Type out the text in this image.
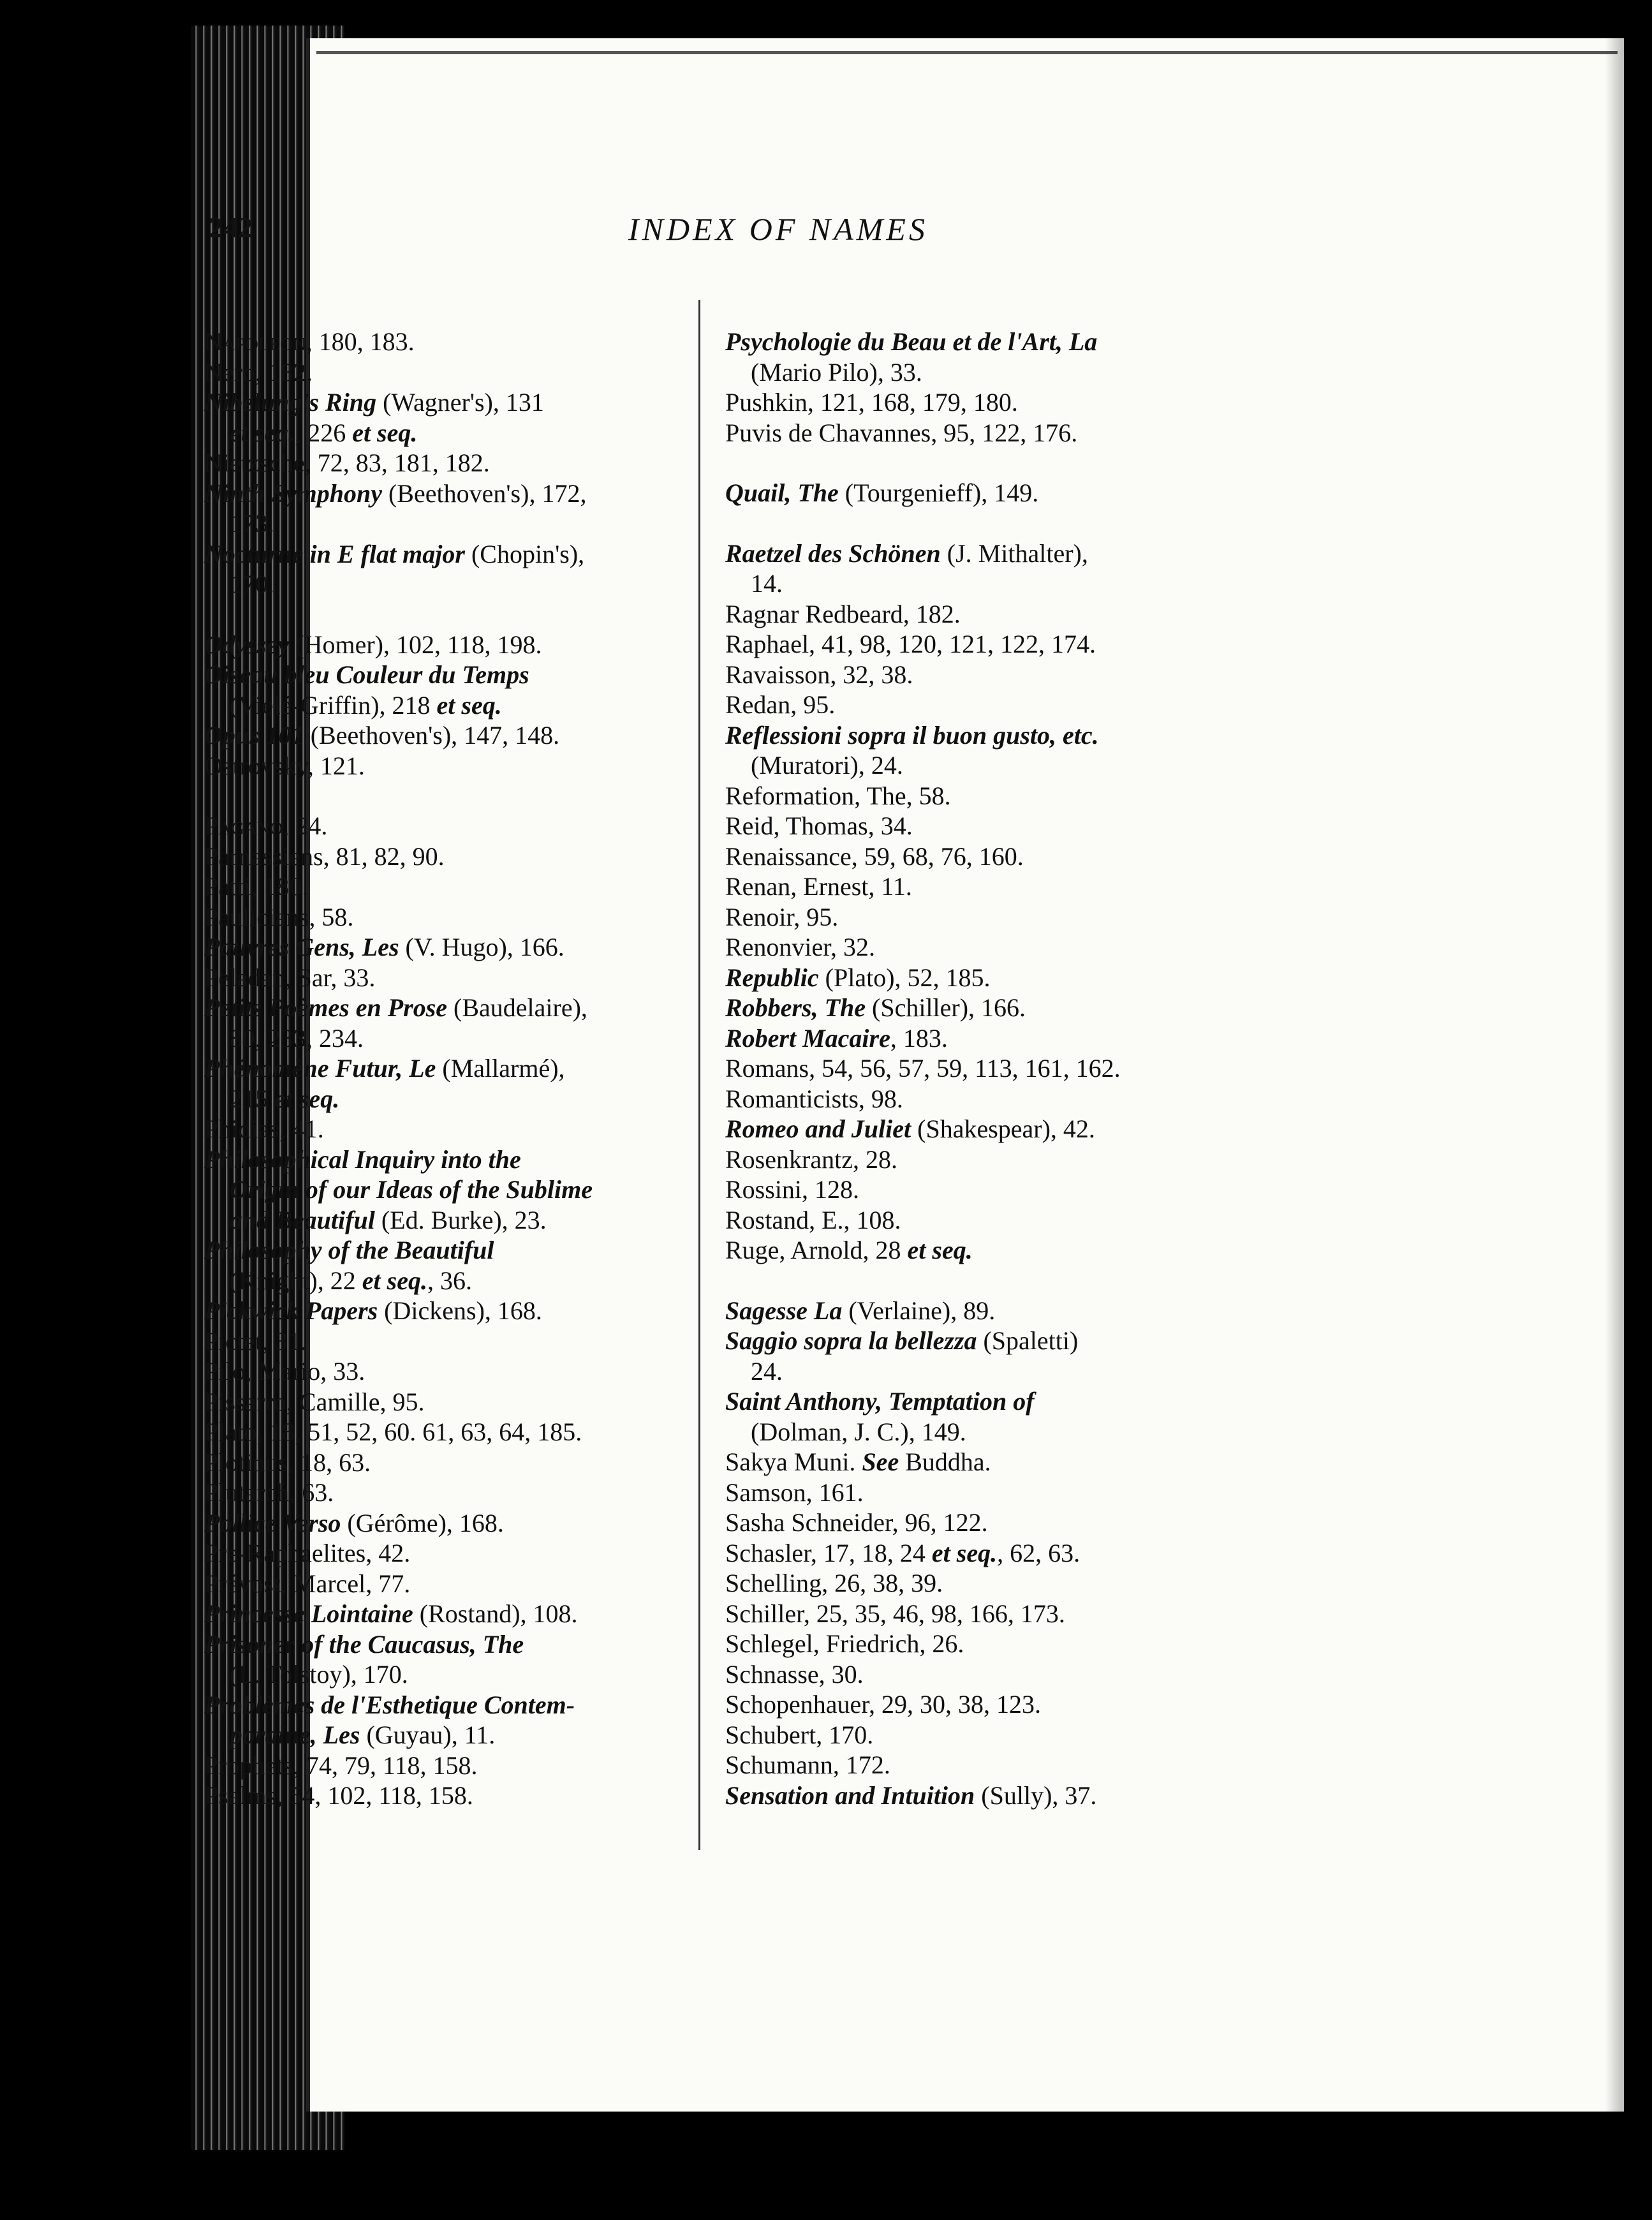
242	INDEX OF NAMES
Napoleon, 180, 183.
Nero, 182.
Nibelung's Ring (Wagner's), 131
et seq., 226 et seq.
Nietzsche, 72, 83, 181, 182.
Ninth Symphony (Beethoven's), 172,
173.
Nocturne in E flat major (Chopin's),
170.
Odyssey (Homer), 102, 118, 198.
Oiseau bleu Couleur du Temps
(Vielé-Griffin), 218 et seq.
Opus 101 (Beethoven's), 147, 148.
Ostrovsky, 121.
Pagano, 24.
Parnassiens, 81, 82, 90.
Patti, 180.
Paulicians, 58.
Pauvres Gens, Les (V. Hugo), 166.
Peladan, Sar, 33.
Petits Poèmes en Prose (Baudelaire),
80, 233, 234.
Phénomène Futur, Le (Mallarmé),
215 et seq.
Phidias, 41.
Philosophical Inquiry into the
Origin of our Ideas of the Sublime
and Beautiful (Ed. Burke), 23.
Philosophy of the Beautiful
(Knight), 22 et seq., 36.
Pickwick Papers (Dickens), 168.
Pictet, 31.
Pilo, Mario, 33.
Pissarro, Camille, 95.
Plato, 18, 51, 52, 60. 61, 63, 64, 185.
Plotinus, 18, 63.
Plutarch, 63.
Pollice Verso (Gérôme), 168.
Pre-Raphaelites, 42.
Prévost, Marcel, 77.
Princesse Lointaine (Rostand), 108.
Prisoner of the Caucasus, The
(L. Tolstoy), 170.
Problèmes de l'Esthetique Contem-
poraine, Les (Guyau), 11.
Prophets, 74, 79, 118, 158.
Psalms, 54, 102, 118, 158.
Psychologie du Beau et de l'Art, La
(Mario Pilo), 33.
Pushkin, 121, 168, 179, 180.
Puvis de Chavannes, 95, 122, 176.
Quail, The (Tourgenieff), 149.
Raetzel des Schönen (J. Mithalter),
14.
Ragnar Redbeard, 182.
Raphael, 41, 98, 120, 121, 122, 174.
Ravaisson, 32, 38.
Redan, 95.
Reflessioni sopra il buon gusto, etc.
(Muratori), 24.
Reformation, The, 58.
Reid, Thomas, 34.
Renaissance, 59, 68, 76, 160.
Renan, Ernest, 11.
Renoir, 95.
Renonvier, 32.
Republic (Plato), 52, 185.
Robbers, The (Schiller), 166.
Robert Macaire, 183.
Romans, 54, 56, 57, 59, 113, 161, 162.
Romanticists, 98.
Romeo and Juliet (Shakespear), 42.
Rosenkrantz, 28.
Rossini, 128.
Rostand, E., 108.
Ruge, Arnold, 28 et seq.
Sagesse La (Verlaine), 89.
Saggio sopra la bellezza (Spaletti)
24.
Saint Anthony, Temptation of
(Dolman, J. C.), 149.
Sakya Muni. See Buddha.
Samson, 161.
Sasha Schneider, 96, 122.
Schasler, 17, 18, 24 et seq., 62, 63.
Schelling, 26, 38, 39.
Schiller, 25, 35, 46, 98, 166, 173.
Schlegel, Friedrich, 26.
Schnasse, 30.
Schopenhauer, 29, 30, 38, 123.
Schubert, 170.
Schumann, 172.
Sensation and Intuition (Sully), 37.
